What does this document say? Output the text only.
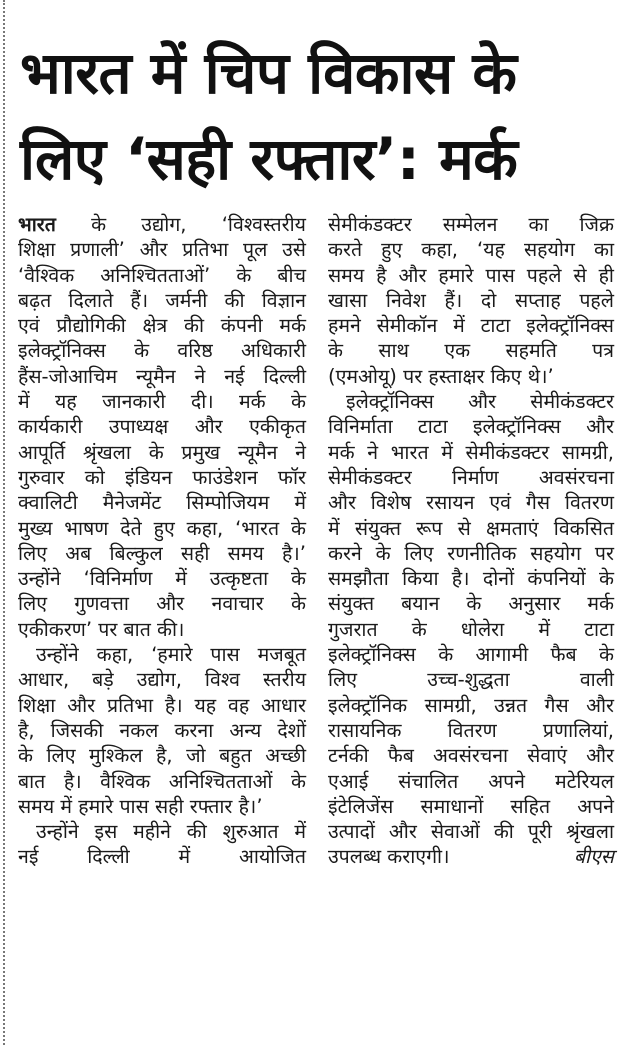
भारत में चिप विकास के
लिए ‘सही रफ्तार’: मर्क
भारत के उद्योग, ‘विश्वस्तरीय
शिक्षा प्रणाली’ और प्रतिभा पूल उसे
‘वैश्विक अनिश्चितताओं’ के बीच
बढ़त दिलाते हैं। जर्मनी की विज्ञान
एवं प्रौद्योगिकी क्षेत्र की कंपनी मर्क
इलेक्ट्रॉनिक्स के वरिष्ठ अधिकारी
हैंस-जोआचिम न्यूमैन ने नई दिल्ली
में यह जानकारी दी। मर्क के
कार्यकारी उपाध्यक्ष और एकीकृत
आपूर्ति श्रृंखला के प्रमुख न्यूमैन ने
गुरुवार को इंडियन फाउंडेशन फॉर
क्वालिटी मैनेजमेंट सिम्पोजियम में
मुख्य भाषण देते हुए कहा, ‘भारत के
लिए अब बिल्कुल सही समय है।’
उन्होंने ‘विनिर्माण में उत्कृष्टता के
लिए गुणवत्ता और नवाचार के
एकीकरण’ पर बात की।
उन्होंने कहा, ‘हमारे पास मजबूत
आधार, बड़े उद्योग, विश्व स्तरीय
शिक्षा और प्रतिभा है। यह वह आधार
है, जिसकी नकल करना अन्य देशों
के लिए मुश्किल है, जो बहुत अच्छी
बात है। वैश्विक अनिश्चितताओं के
समय में हमारे पास सही रफ्तार है।’
उन्होंने इस महीने की शुरुआत में
नई दिल्ली में आयोजित
सेमीकंडक्टर सम्मेलन का जिक्र
करते हुए कहा, ‘यह सहयोग का
समय है और हमारे पास पहले से ही
खासा निवेश हैं। दो सप्ताह पहले
हमने सेमीकॉन में टाटा इलेक्ट्रॉनिक्स
के साथ एक सहमति पत्र
(एमओयू) पर हस्ताक्षर किए थे।’
इलेक्ट्रॉनिक्स और सेमीकंडक्टर
विनिर्माता टाटा इलेक्ट्रॉनिक्स और
मर्क ने भारत में सेमीकंडक्टर सामग्री,
सेमीकंडक्टर निर्माण अवसंरचना
और विशेष रसायन एवं गैस वितरण
में संयुक्त रूप से क्षमताएं विकसित
करने के लिए रणनीतिक सहयोग पर
समझौता किया है। दोनों कंपनियों के
संयुक्त बयान के अनुसार मर्क
गुजरात के धोलेरा में टाटा
इलेक्ट्रॉनिक्स के आगामी फैब के
लिए उच्च-शुद्धता वाली
इलेक्ट्रॉनिक सामग्री, उन्नत गैस और
रासायनिक वितरण प्रणालियां,
टर्नकी फैब अवसंरचना सेवाएं और
एआई संचालित अपने मटेरियल
इंटेलिजेंस समाधानों सहित अपने
उत्पादों और सेवाओं की पूरी श्रृंखला
उपलब्ध कराएगी।	बीएस
